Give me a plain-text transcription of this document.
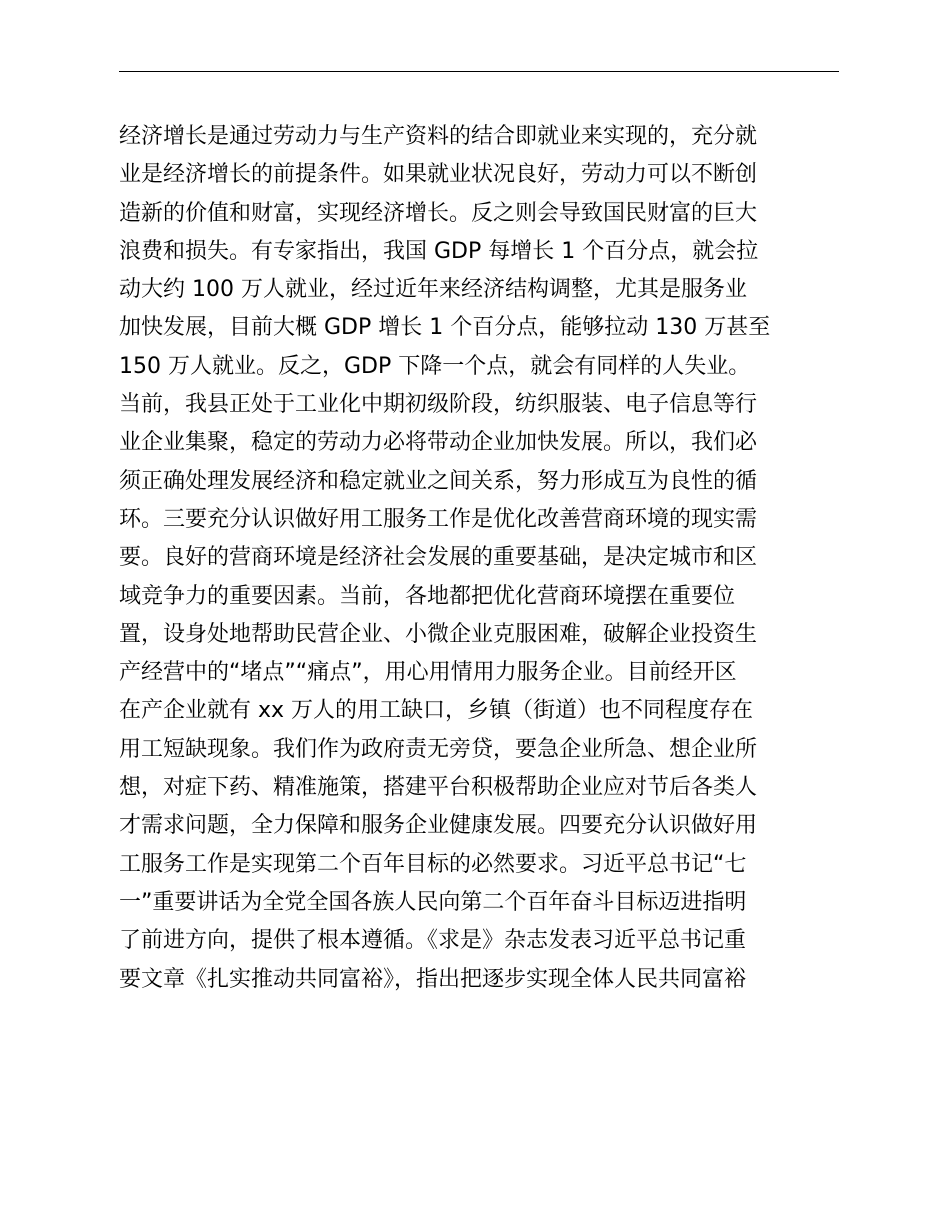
经济增长是通过劳动力与生产资料的结合即就业来实现的，充分就
业是经济增长的前提条件。如果就业状况良好，劳动力可以不断创
造新的价值和财富，实现经济增长。反之则会导致国民财富的巨大
浪费和损失。有专家指出，我国 GDP 每增长 1 个百分点，就会拉
动大约 100 万人就业，经过近年来经济结构调整，尤其是服务业
加快发展，目前大概 GDP 增长 1 个百分点，能够拉动 130 万甚至
150 万人就业。反之，GDP 下降一个点，就会有同样的人失业。
当前，我县正处于工业化中期初级阶段，纺织服装、电子信息等行
业企业集聚，稳定的劳动力必将带动企业加快发展。所以，我们必
须正确处理发展经济和稳定就业之间关系，努力形成互为良性的循
环。三要充分认识做好用工服务工作是优化改善营商环境的现实需
要。良好的营商环境是经济社会发展的重要基础，是决定城市和区
域竞争力的重要因素。当前，各地都把优化营商环境摆在重要位
置，设身处地帮助民营企业、小微企业克服困难，破解企业投资生
产经营中的“堵点”“痛点”，用心用情用力服务企业。目前经开区
在产企业就有 xx 万人的用工缺口，乡镇（街道）也不同程度存在
用工短缺现象。我们作为政府责无旁贷，要急企业所急、想企业所
想，对症下药、精准施策，搭建平台积极帮助企业应对节后各类人
才需求问题，全力保障和服务企业健康发展。四要充分认识做好用
工服务工作是实现第二个百年目标的必然要求。习近平总书记“七
一”重要讲话为全党全国各族人民向第二个百年奋斗目标迈进指明
了前进方向，提供了根本遵循。《求是》杂志发表习近平总书记重
要文章《扎实推动共同富裕》，指出把逐步实现全体人民共同富裕
